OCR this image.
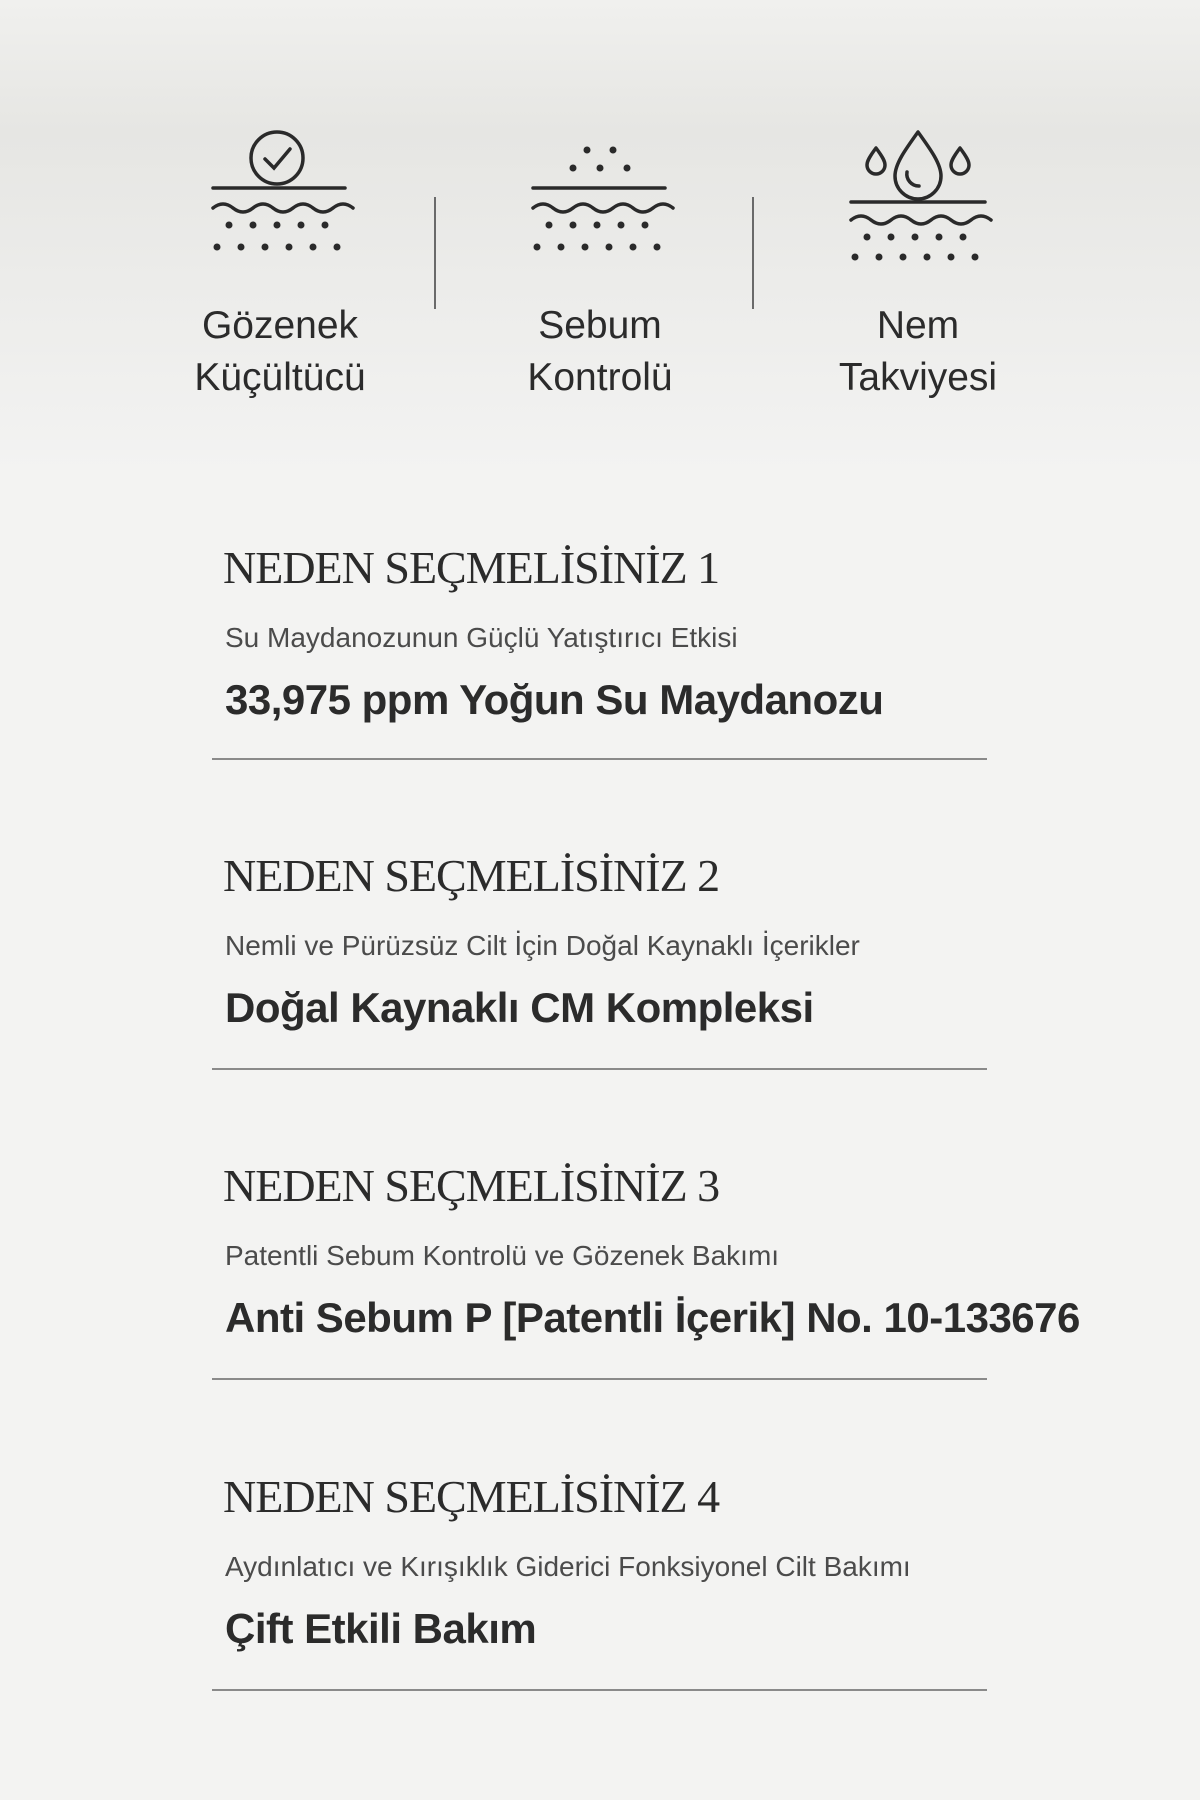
Gözenek
Küçültücü
Sebum
Kontrolü
Nem
Takviyesi
NEDEN SEÇMELİSİNİZ 1
Su Maydanozunun Güçlü Yatıştırıcı Etkisi
33,975 ppm Yoğun Su Maydanozu
NEDEN SEÇMELİSİNİZ 2
Nemli ve Pürüzsüz Cilt İçin Doğal Kaynaklı İçerikler
Doğal Kaynaklı CM Kompleksi
NEDEN SEÇMELİSİNİZ 3
Patentli Sebum Kontrolü ve Gözenek Bakımı
Anti Sebum P [Patentli İçerik] No. 10-133676
NEDEN SEÇMELİSİNİZ 4
Aydınlatıcı ve Kırışıklık Giderici Fonksiyonel Cilt Bakımı
Çift Etkili Bakım
